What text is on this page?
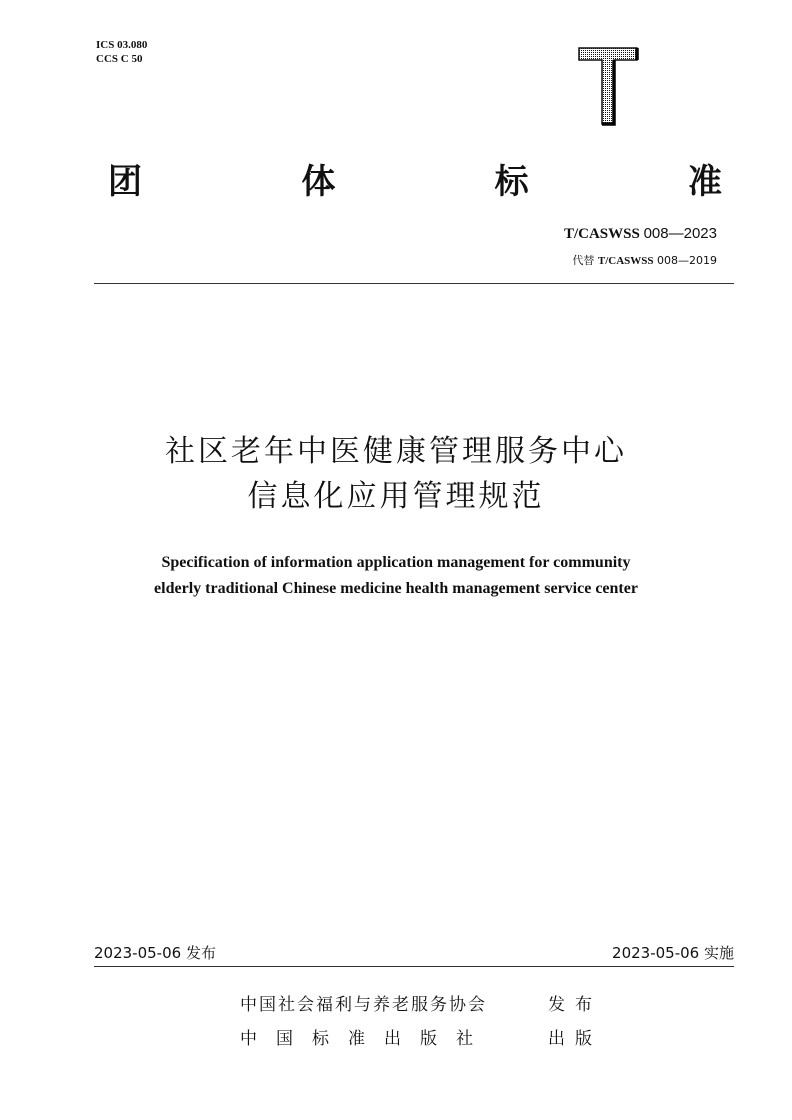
ICS 03.080
CCS C 50
团	体	标	准
T/CASWSS 008—2023
代替 T/CASWSS 008—2019
社区老年中医健康管理服务中心
信息化应用管理规范
Specification of information application management for community
elderly traditional Chinese medicine health management service center
2023-05-06 发布	2023-05-06 实施
中国社会福利与养老服务协会	发布
中国标准出版社	出版
